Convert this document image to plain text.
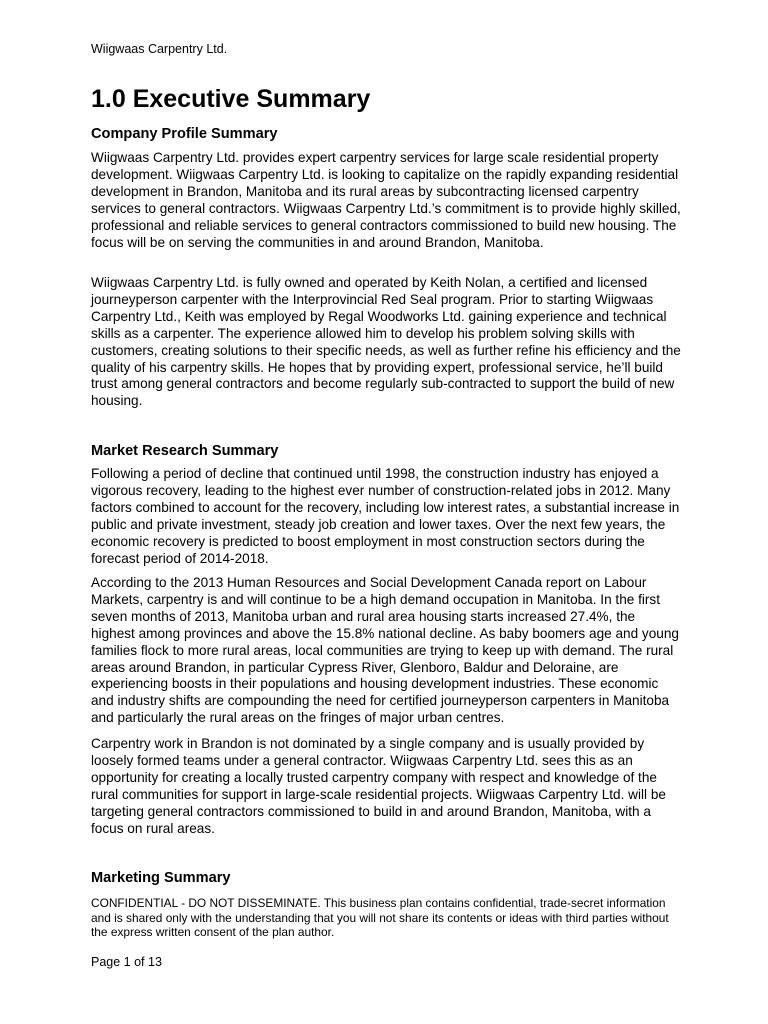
Wiigwaas Carpentry Ltd.
1.0 Executive Summary
Company Profile Summary

Wiigwaas Carpentry Ltd. provides expert carpentry services for large scale residential property development. Wiigwaas Carpentry Ltd. is looking to capitalize on the rapidly expanding residential development in Brandon, Manitoba and its rural areas by subcontracting licensed carpentry services to general contractors. Wiigwaas Carpentry Ltd.’s commitment is to provide highly skilled, professional and reliable services to general contractors commissioned to build new housing. The focus will be on serving the communities in and around Brandon, Manitoba.

Wiigwaas Carpentry Ltd. is fully owned and operated by Keith Nolan, a certified and licensed journeyperson carpenter with the Interprovincial Red Seal program. Prior to starting Wiigwaas Carpentry Ltd., Keith was employed by Regal Woodworks Ltd. gaining experience and technical skills as a carpenter. The experience allowed him to develop his problem solving skills with customers, creating solutions to their specific needs, as well as further refine his efficiency and the quality of his carpentry skills. He hopes that by providing expert, professional service, he’ll build trust among general contractors and become regularly sub-contracted to support the build of new housing.

Market Research Summary

Following a period of decline that continued until 1998, the construction industry has enjoyed a vigorous recovery, leading to the highest ever number of construction-related jobs in 2012. Many factors combined to account for the recovery, including low interest rates, a substantial increase in public and private investment, steady job creation and lower taxes. Over the next few years, the economic recovery is predicted to boost employment in most construction sectors during the forecast period of 2014-2018.

According to the 2013 Human Resources and Social Development Canada report on Labour Markets, carpentry is and will continue to be a high demand occupation in Manitoba. In the first seven months of 2013, Manitoba urban and rural area housing starts increased 27.4%, the highest among provinces and above the 15.8% national decline. As baby boomers age and young families flock to more rural areas, local communities are trying to keep up with demand. The rural areas around Brandon, in particular Cypress River, Glenboro, Baldur and Deloraine, are experiencing boosts in their populations and housing development industries. These economic and industry shifts are compounding the need for certified journeyperson carpenters in Manitoba and particularly the rural areas on the fringes of major urban centres.

Carpentry work in Brandon is not dominated by a single company and is usually provided by loosely formed teams under a general contractor. Wiigwaas Carpentry Ltd. sees this as an opportunity for creating a locally trusted carpentry company with respect and knowledge of the rural communities for support in large-scale residential projects. Wiigwaas Carpentry Ltd. will be targeting general contractors commissioned to build in and around Brandon, Manitoba, with a focus on rural areas.

Marketing Summary

CONFIDENTIAL - DO NOT DISSEMINATE. This business plan contains confidential, trade-secret information and is shared only with the understanding that you will not share its contents or ideas with third parties without the express written consent of the plan author.

Page 1 of 13
